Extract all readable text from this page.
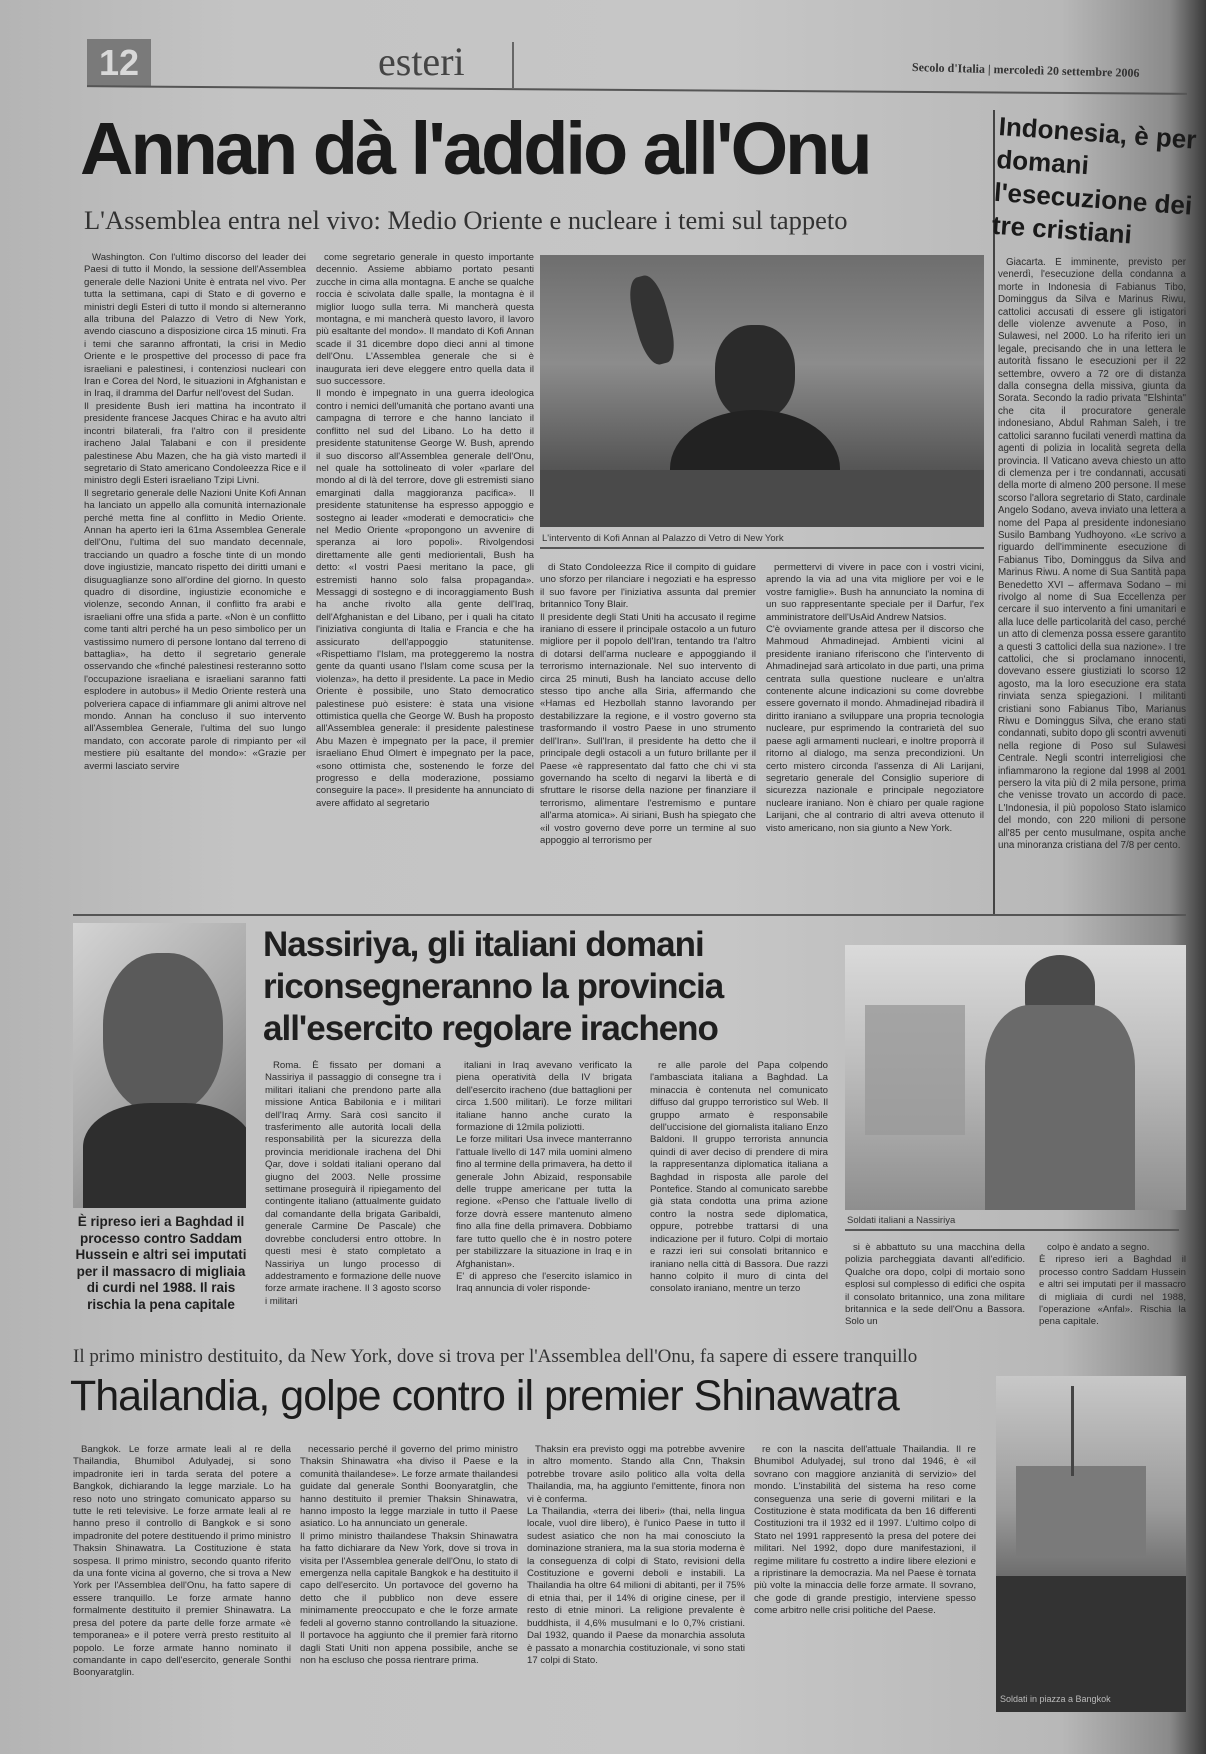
12	esteri	Secolo d'Italia | mercoledì 20 settembre 2006
Annan dà l'addio all'Onu
L'Assemblea entra nel vivo: Medio Oriente e nucleare i temi sul tappeto
Washington. Con l'ultimo discorso del leader dei Paesi di tutto il Mondo, la sessione dell'Assemblea generale delle Nazioni Unite è entrata nel vivo. Per tutta la settimana, capi di Stato e di governo e ministri degli Esteri di tutto il mondo si alterneranno alla tribuna del Palazzo di Vetro di New York, avendo ciascuno a disposizione circa 15 minuti. Fra i temi che saranno affrontati, la crisi in Medio Oriente e le prospettive del processo di pace fra israeliani e palestinesi, i contenziosi nucleari con Iran e Corea del Nord, le situazioni in Afghanistan e in Iraq, il dramma del Darfur nell'ovest del Sudan.
Il presidente Bush ieri mattina ha incontrato il presidente francese Jacques Chirac e ha avuto altri incontri bilaterali, fra l'altro con il presidente iracheno Jalal Talabani e con il presidente palestinese Abu Mazen, che ha già visto martedì il segretario di Stato americano Condoleezza Rice e il ministro degli Esteri israeliano Tzipi Livni.
Il segretario generale delle Nazioni Unite Kofi Annan ha lanciato un appello alla comunità internazionale perché metta fine al conflitto in Medio Oriente. Annan ha aperto ieri la 61ma Assemblea Generale dell'Onu, l'ultima del suo mandato decennale, tracciando un quadro a fosche tinte di un mondo dove ingiustizie, mancato rispetto dei diritti umani e disuguaglianze sono all'ordine del giorno. In questo quadro di disordine, ingiustizie economiche e violenze, secondo Annan, il conflitto fra arabi e israeliani offre una sfida a parte. «Non è un conflitto come tanti altri perché ha un peso simbolico per un vastissimo numero di persone lontano dal terreno di battaglia», ha detto il segretario generale osservando che «finché palestinesi resteranno sotto l'occupazione israeliana e israeliani saranno fatti esplodere in autobus» il Medio Oriente resterà una polveriera capace di infiammare gli animi altrove nel mondo. Annan ha concluso il suo intervento all'Assemblea Generale, l'ultima del suo lungo mandato, con accorate parole di rimpianto per «il mestiere più esaltante del mondo»: «Grazie per avermi lasciato servire
come segretario generale in questo importante decennio. Assieme abbiamo portato pesanti zucche in cima alla montagna. E anche se qualche roccia è scivolata dalle spalle, la montagna è il miglior luogo sulla terra. Mi mancherà questa montagna, e mi mancherà questo lavoro, il lavoro più esaltante del mondo». Il mandato di Kofi Annan scade il 31 dicembre dopo dieci anni al timone dell'Onu. L'Assemblea generale che si è inaugurata ieri deve eleggere entro quella data il suo successore.
Il mondo è impegnato in una guerra ideologica contro i nemici dell'umanità che portano avanti una campagna di terrore e che hanno lanciato il conflitto nel sud del Libano. Lo ha detto il presidente statunitense George W. Bush, aprendo il suo discorso all'Assemblea generale dell'Onu, nel quale ha sottolineato di voler «parlare del mondo al di là del terrore, dove gli estremisti siano emarginati dalla maggioranza pacifica». Il presidente statunitense ha espresso appoggio e sostegno ai leader «moderati e democratici» che nel Medio Oriente «propongono un avvenire di speranza ai loro popoli». Rivolgendosi direttamente alle genti mediorientali, Bush ha detto: «I vostri Paesi meritano la pace, gli estremisti hanno solo falsa propaganda». Messaggi di sostegno e di incoraggiamento Bush ha anche rivolto alla gente dell'Iraq, dell'Afghanistan e del Libano, per i quali ha citato l'iniziativa congiunta di Italia e Francia e che ha assicurato dell'appoggio statunitense. «Rispettiamo l'Islam, ma proteggeremo la nostra gente da quanti usano l'Islam come scusa per la violenza», ha detto il presidente. La pace in Medio Oriente è possibile, uno Stato democratico palestinese può esistere: è stata una visione ottimistica quella che George W. Bush ha proposto all'Assemblea generale: il presidente palestinese Abu Mazen è impegnato per la pace, il premier israeliano Ehud Olmert è impegnato per la pace, «sono ottimista che, sostenendo le forze del progresso e della moderazione, possiamo conseguire la pace». Il presidente ha annunciato di avere affidato al segretario
L'intervento di Kofi Annan al Palazzo di Vetro di New York
di Stato Condoleezza Rice il compito di guidare uno sforzo per rilanciare i negoziati e ha espresso il suo favore per l'iniziativa assunta dal premier britannico Tony Blair.
Il presidente degli Stati Uniti ha accusato il regime iraniano di essere il principale ostacolo a un futuro migliore per il popolo dell'Iran, tentando tra l'altro di dotarsi dell'arma nucleare e appoggiando il terrorismo internazionale. Nel suo intervento di circa 25 minuti, Bush ha lanciato accuse dello stesso tipo anche alla Siria, affermando che «Hamas ed Hezbollah stanno lavorando per destabilizzare la regione, e il vostro governo sta trasformando il vostro Paese in uno strumento dell'Iran». Sull'Iran, il presidente ha detto che il principale degli ostacoli a un futuro brillante per il Paese «è rappresentato dal fatto che chi vi sta governando ha scelto di negarvi la libertà e di sfruttare le risorse della nazione per finanziare il terrorismo, alimentare l'estremismo e puntare all'arma atomica». Ai siriani, Bush ha spiegato che «il vostro governo deve porre un termine al suo appoggio al terrorismo per
permettervi di vivere in pace con i vostri vicini, aprendo la via ad una vita migliore per voi e le vostre famiglie». Bush ha annunciato la nomina di un suo rappresentante speciale per il Darfur, l'ex amministratore dell'UsAid Andrew Natsios.
C'è ovviamente grande attesa per il discorso che Mahmoud Ahmadinejad. Ambienti vicini al presidente iraniano riferiscono che l'intervento di Ahmadinejad sarà articolato in due parti, una prima centrata sulla questione nucleare e un'altra contenente alcune indicazioni su come dovrebbe essere governato il mondo. Ahmadinejad ribadirà il diritto iraniano a sviluppare una propria tecnologia nucleare, pur esprimendo la contrarietà del suo paese agli armamenti nucleari, e inoltre proporrà il ritorno al dialogo, ma senza precondizioni. Un certo mistero circonda l'assenza di Ali Larijani, segretario generale del Consiglio superiore di sicurezza nazionale e principale negoziatore nucleare iraniano. Non è chiaro per quale ragione Larijani, che al contrario di altri aveva ottenuto il visto americano, non sia giunto a New York.
Indonesia, è per domani l'esecuzione dei tre cristiani
Giacarta. È imminente, previsto per venerdì, l'esecuzione della condanna a morte in Indonesia di Fabianus Tibo, Dominggus da Silva e Marinus Riwu, cattolici accusati di essere gli istigatori delle violenze avvenute a Poso, in Sulawesi, nel 2000. Lo ha riferito ieri un legale, precisando che in una lettera le autorità fissano le esecuzioni per il 22 settembre, ovvero a 72 ore di distanza dalla consegna della missiva, giunta da Sorata. Secondo la radio privata "Elshinta" che cita il procuratore generale indonesiano, Abdul Rahman Saleh, i tre cattolici saranno fucilati venerdì mattina da agenti di polizia in località segreta della provincia. Il Vaticano aveva chiesto un atto di clemenza per i tre condannati, accusati della morte di almeno 200 persone. Il mese scorso l'allora segretario di Stato, cardinale Angelo Sodano, aveva inviato una lettera a nome del Papa al presidente indonesiano Susilo Bambang Yudhoyono. «Le scrivo a riguardo dell'imminente esecuzione di Fabianus Tibo, Dominggus da Silva and Marinus Riwu. A nome di Sua Santità papa Benedetto XVI – affermava Sodano – mi rivolgo al nome di Sua Eccellenza per cercare il suo intervento a fini umanitari e alla luce delle particolarità del caso, perché un atto di clemenza possa essere garantito a questi 3 cattolici della sua nazione». I tre cattolici, che si proclamano innocenti, dovevano essere giustiziati lo scorso 12 agosto, ma la loro esecuzione era stata rinviata senza spiegazioni. I militanti cristiani sono Fabianus Tibo, Marianus Riwu e Dominggus Silva, che erano stati condannati, subito dopo gli scontri avvenuti nella regione di Poso sul Sulawesi Centrale. Negli scontri interreligiosi che infiammarono la regione dal 1998 al 2001 persero la vita più di 2 mila persone, prima che venisse trovato un accordo di pace. L'Indonesia, il più popoloso Stato islamico del mondo, con 220 milioni di persone all'85 per cento musulmane, ospita anche una minoranza cristiana del 7/8 per cento.
È ripreso ieri a Baghdad il processo contro Saddam Hussein e altri sei imputati per il massacro di migliaia di curdi nel 1988. Il rais rischia la pena capitale
Nassiriya, gli italiani domani riconsegneranno la provincia all'esercito regolare iracheno
Roma. È fissato per domani a Nassiriya il passaggio di consegne tra i militari italiani che prendono parte alla missione Antica Babilonia e i militari dell'Iraq Army. Sarà così sancito il trasferimento alle autorità locali della responsabilità per la sicurezza della provincia meridionale irachena del Dhi Qar, dove i soldati italiani operano dal giugno del 2003. Nelle prossime settimane proseguirà il ripiegamento del contingente italiano (attualmente guidato dal comandante della brigata Garibaldi, generale Carmine De Pascale) che dovrebbe concludersi entro ottobre. In questi mesi è stato completato a Nassiriya un lungo processo di addestramento e formazione delle nuove forze armate irachene. Il 3 agosto scorso i militari
italiani in Iraq avevano verificato la piena operatività della IV brigata dell'esercito iracheno (due battaglioni per circa 1.500 militari). Le forze militari italiane hanno anche curato la formazione di 12mila poliziotti.
Le forze militari Usa invece manterranno l'attuale livello di 147 mila uomini almeno fino al termine della primavera, ha detto il generale John Abizaid, responsabile delle truppe americane per tutta la regione. «Penso che l'attuale livello di forze dovrà essere mantenuto almeno fino alla fine della primavera. Dobbiamo fare tutto quello che è in nostro potere per stabilizzare la situazione in Iraq e in Afghanistan».
E' di appreso che l'esercito islamico in Iraq annuncia di voler risponde-
re alle parole del Papa colpendo l'ambasciata italiana a Baghdad. La minaccia è contenuta nel comunicato diffuso dal gruppo terroristico sul Web. Il gruppo armato è responsabile dell'uccisione del giornalista italiano Enzo Baldoni. Il gruppo terrorista annuncia quindi di aver deciso di prendere di mira la rappresentanza diplomatica italiana a Baghdad in risposta alle parole del Pontefice. Stando al comunicato sarebbe già stata condotta una prima azione contro la nostra sede diplomatica, oppure, potrebbe trattarsi di una indicazione per il futuro. Colpi di mortaio e razzi ieri sui consolati britannico e iraniano nella città di Bassora. Due razzi hanno colpito il muro di cinta del consolato iraniano, mentre un terzo
Soldati italiani a Nassiriya
si è abbattuto su una macchina della polizia parcheggiata davanti all'edificio. Qualche ora dopo, colpi di mortaio sono esplosi sul complesso di edifici che ospita il consolato britannico, una zona militare britannica e la sede dell'Onu a Bassora. Solo un
colpo è andato a segno.
È ripreso ieri a Baghdad il processo contro Saddam Hussein e altri sei imputati per il massacro di migliaia di curdi nel 1988, l'operazione «Anfal». Rischia la pena capitale.
Il primo ministro destituito, da New York, dove si trova per l'Assemblea dell'Onu, fa sapere di essere tranquillo
Thailandia, golpe contro il premier Shinawatra
Bangkok. Le forze armate leali al re della Thailandia, Bhumibol Adulyadej, si sono impadronite ieri in tarda serata del potere a Bangkok, dichiarando la legge marziale. Lo ha reso noto uno stringato comunicato apparso su tutte le reti televisive. Le forze armate leali al re hanno preso il controllo di Bangkok e si sono impadronite del potere destituendo il primo ministro Thaksin Shinawatra. La Costituzione è stata sospesa. Il primo ministro, secondo quanto riferito da una fonte vicina al governo, che si trova a New York per l'Assemblea dell'Onu, ha fatto sapere di essere tranquillo. Le forze armate hanno formalmente destituito il premier Shinawatra. La presa del potere da parte delle forze armate «è temporanea» e il potere verrà presto restituito al popolo. Le forze armate hanno nominato il comandante in capo dell'esercito, generale Sonthi Boonyaratglin.
necessario perché il governo del primo ministro Thaksin Shinawatra «ha diviso il Paese e la comunità thailandese». Le forze armate thailandesi guidate dal generale Sonthi Boonyaratglin, che hanno destituito il premier Thaksin Shinawatra, hanno imposto la legge marziale in tutto il Paese asiatico. Lo ha annunciato un generale.
Il primo ministro thailandese Thaksin Shinawatra ha fatto dichiarare da New York, dove si trova in visita per l'Assemblea generale dell'Onu, lo stato di emergenza nella capitale Bangkok e ha destituito il capo dell'esercito. Un portavoce del governo ha detto che il pubblico non deve essere minimamente preoccupato e che le forze armate fedeli al governo stanno controllando la situazione. Il portavoce ha aggiunto che il premier farà ritorno dagli Stati Uniti non appena possibile, anche se non ha escluso che possa rientrare prima.
Thaksin era previsto oggi ma potrebbe avvenire in altro momento. Stando alla Cnn, Thaksin potrebbe trovare asilo politico alla volta della Thailandia, ma, ha aggiunto l'emittente, finora non vi è conferma.
La Thailandia, «terra dei liberi» (thai, nella lingua locale, vuol dire libero), è l'unico Paese in tutto il sudest asiatico che non ha mai conosciuto la dominazione straniera, ma la sua storia moderna è la conseguenza di colpi di Stato, revisioni della Costituzione e governi deboli e instabili. La Thailandia ha oltre 64 milioni di abitanti, per il 75% di etnia thai, per il 14% di origine cinese, per il resto di etnie minori. La religione prevalente è buddhista, il 4,6% musulmani e lo 0,7% cristiani. Dal 1932, quando il Paese da monarchia assoluta è passato a monarchia costituzionale, vi sono stati 17 colpi di Stato.
re con la nascita dell'attuale Thailandia. Il re Bhumibol Adulyadej, sul trono dal 1946, è «il sovrano con maggiore anzianità di servizio» del mondo. L'instabilità del sistema ha reso come conseguenza una serie di governi militari e la Costituzione è stata modificata da ben 16 differenti Costituzioni tra il 1932 ed il 1997. L'ultimo colpo di Stato nel 1991 rappresentò la presa del potere dei militari. Nel 1992, dopo dure manifestazioni, il regime militare fu costretto a indire libere elezioni e a ripristinare la democrazia. Ma nel Paese è tornata più volte la minaccia delle forze armate. Il sovrano, che gode di grande prestigio, interviene spesso come arbitro nelle crisi politiche del Paese.
Soldati in piazza a Bangkok
